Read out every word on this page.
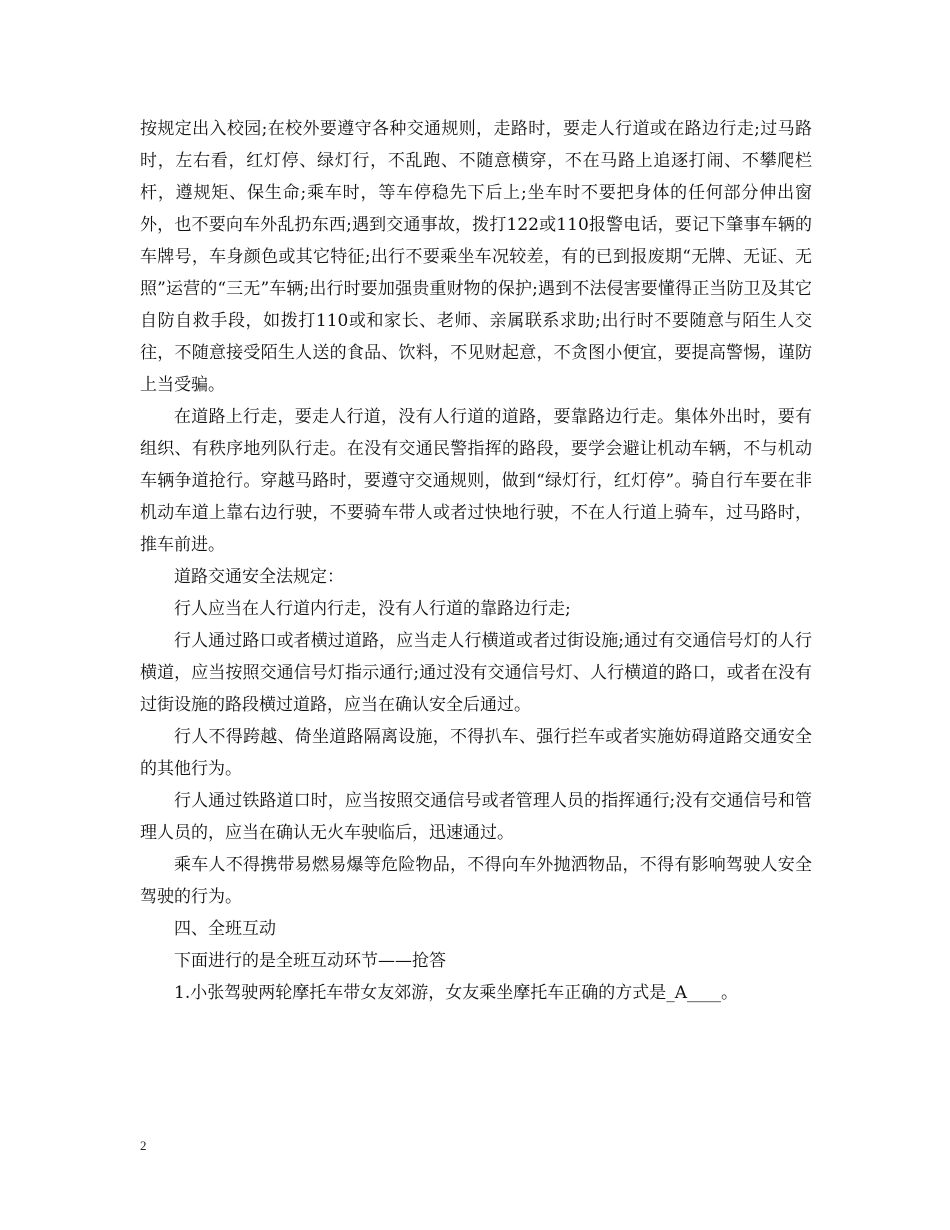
按规定出入校园;在校外要遵守各种交通规则，走路时，要走人行道或在路边行走;过马路时，左右看，红灯停、绿灯行，不乱跑、不随意横穿，不在马路上追逐打闹、不攀爬栏杆，遵规矩、保生命;乘车时，等车停稳先下后上;坐车时不要把身体的任何部分伸出窗外，也不要向车外乱扔东西;遇到交通事故，拨打122或110报警电话，要记下肇事车辆的车牌号，车身颜色或其它特征;出行不要乘坐车况较差，有的已到报废期“无牌、无证、无照”运营的“三无”车辆;出行时要加强贵重财物的保护;遇到不法侵害要懂得正当防卫及其它自防自救手段，如拨打110或和家长、老师、亲属联系求助;出行时不要随意与陌生人交往，不随意接受陌生人送的食品、饮料，不见财起意，不贪图小便宜，要提高警惕，谨防上当受骗。

在道路上行走，要走人行道，没有人行道的道路，要靠路边行走。集体外出时，要有组织、有秩序地列队行走。在没有交通民警指挥的路段，要学会避让机动车辆，不与机动车辆争道抢行。穿越马路时，要遵守交通规则，做到“绿灯行，红灯停”。骑自行车要在非机动车道上靠右边行驶，不要骑车带人或者过快地行驶，不在人行道上骑车，过马路时，推车前进。

道路交通安全法规定：

行人应当在人行道内行走，没有人行道的靠路边行走;

行人通过路口或者横过道路，应当走人行横道或者过街设施;通过有交通信号灯的人行横道，应当按照交通信号灯指示通行;通过没有交通信号灯、人行横道的路口，或者在没有过街设施的路段横过道路，应当在确认安全后通过。

行人不得跨越、倚坐道路隔离设施，不得扒车、强行拦车或者实施妨碍道路交通安全的其他行为。

行人通过铁路道口时，应当按照交通信号或者管理人员的指挥通行;没有交通信号和管理人员的，应当在确认无火车驶临后，迅速通过。

乘车人不得携带易燃易爆等危险物品，不得向车外抛洒物品，不得有影响驾驶人安全驾驶的行为。

四、全班互动

下面进行的是全班互动环节——抢答

1.小张驾驶两轮摩托车带女友郊游，女友乘坐摩托车正确的方式是_A____。

2
